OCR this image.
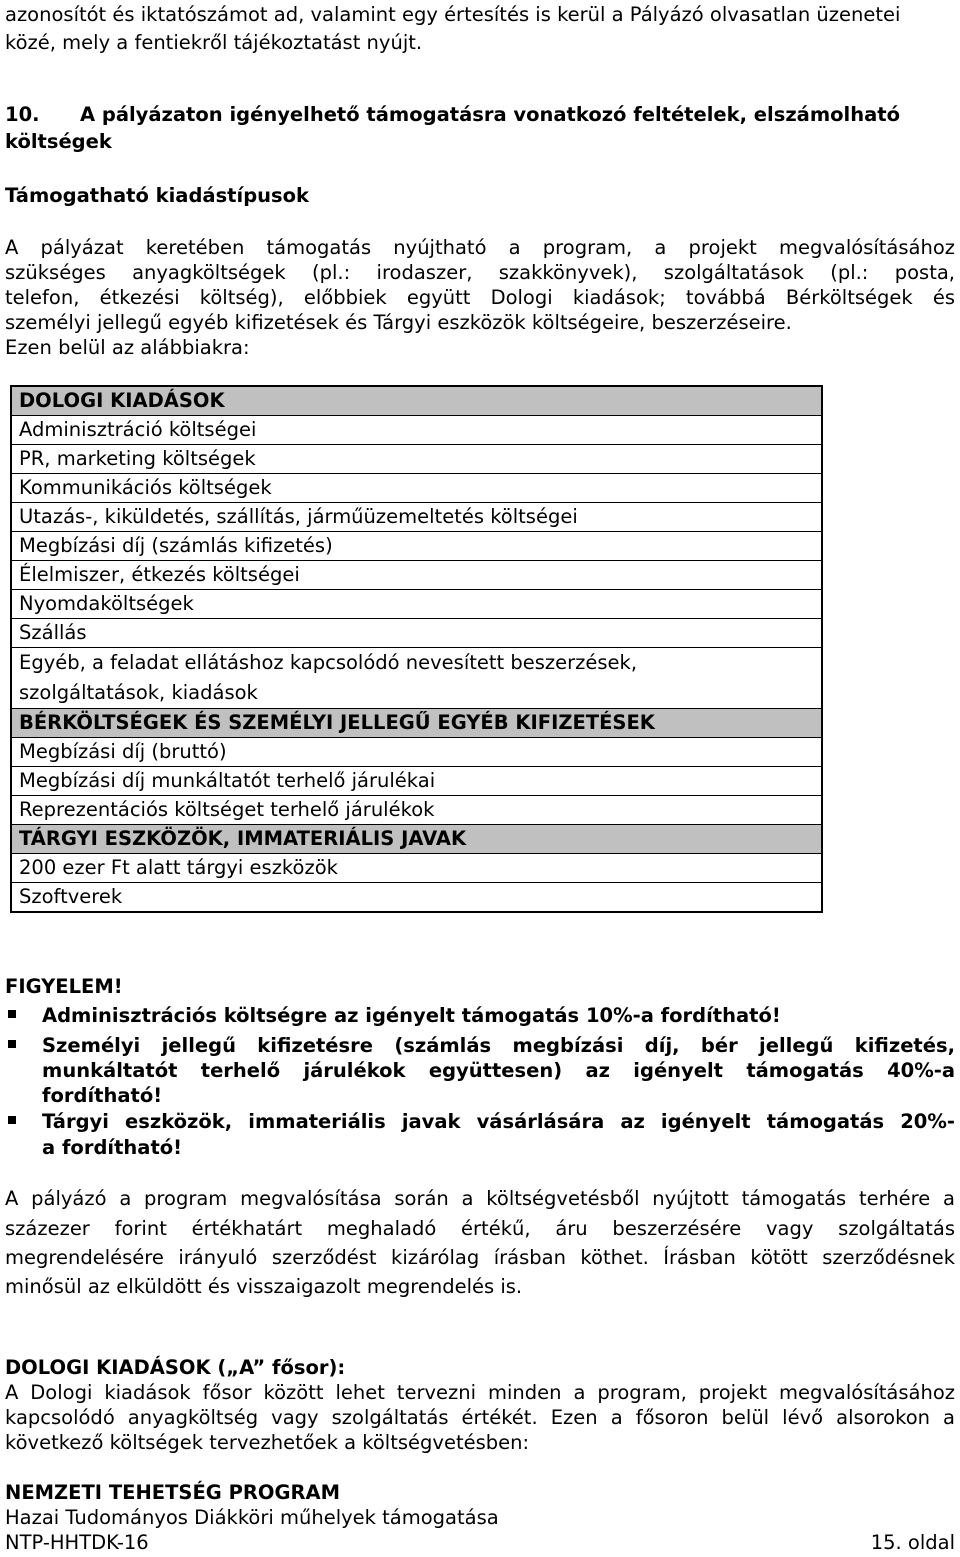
azonosítót és iktatószámot ad, valamint egy értesítés is kerül a Pályázó olvasatlan üzenetei
közé, mely a fentiekről tájékoztatást nyújt.
10. A pályázaton igényelhető támogatásra vonatkozó feltételek, elszámolható
költségek
Támogatható kiadástípusok
A pályázat keretében támogatás nyújtható a program, a projekt megvalósításához
szükséges anyagköltségek (pl.: irodaszer, szakkönyvek), szolgáltatások (pl.: posta,
telefon, étkezési költség), előbbiek együtt Dologi kiadások; továbbá Bérköltségek és
személyi jellegű egyéb kifizetések és Tárgyi eszközök költségeire, beszerzéseire.
Ezen belül az alábbiakra:
DOLOGI KIADÁSOK
Adminisztráció költségei
PR, marketing költségek
Kommunikációs költségek
Utazás-, kiküldetés, szállítás, járműüzemeltetés költségei
Megbízási díj (számlás kifizetés)
Élelmiszer, étkezés költségei
Nyomdaköltségek
Szállás
Egyéb, a feladat ellátáshoz kapcsolódó nevesített beszerzések,
szolgáltatások, kiadások
BÉRKÖLTSÉGEK ÉS SZEMÉLYI JELLEGŰ EGYÉB KIFIZETÉSEK
Megbízási díj (bruttó)
Megbízási díj munkáltatót terhelő járulékai
Reprezentációs költséget terhelő járulékok
TÁRGYI ESZKÖZÖK, IMMATERIÁLIS JAVAK
200 ezer Ft alatt tárgyi eszközök
Szoftverek
FIGYELEM!
Adminisztrációs költségre az igényelt támogatás 10%-a fordítható!
Személyi jellegű kifizetésre (számlás megbízási díj, bér jellegű kifizetés,
munkáltatót terhelő járulékok együttesen) az igényelt támogatás 40%-a
fordítható!
Tárgyi eszközök, immateriális javak vásárlására az igényelt támogatás 20%-
a fordítható!
A pályázó a program megvalósítása során a költségvetésből nyújtott támogatás terhére a
százezer forint értékhatárt meghaladó értékű, áru beszerzésére vagy szolgáltatás
megrendelésére irányuló szerződést kizárólag írásban köthet. Írásban kötött szerződésnek
minősül az elküldött és visszaigazolt megrendelés is.
DOLOGI KIADÁSOK („A” fősor):
A Dologi kiadások fősor között lehet tervezni minden a program, projekt megvalósításához
kapcsolódó anyagköltség vagy szolgáltatás értékét. Ezen a fősoron belül lévő alsorokon a
következő költségek tervezhetőek a költségvetésben:
NEMZETI TEHETSÉG PROGRAM
Hazai Tudományos Diákköri műhelyek támogatása
NTP-HHTDK-16	15. oldal
